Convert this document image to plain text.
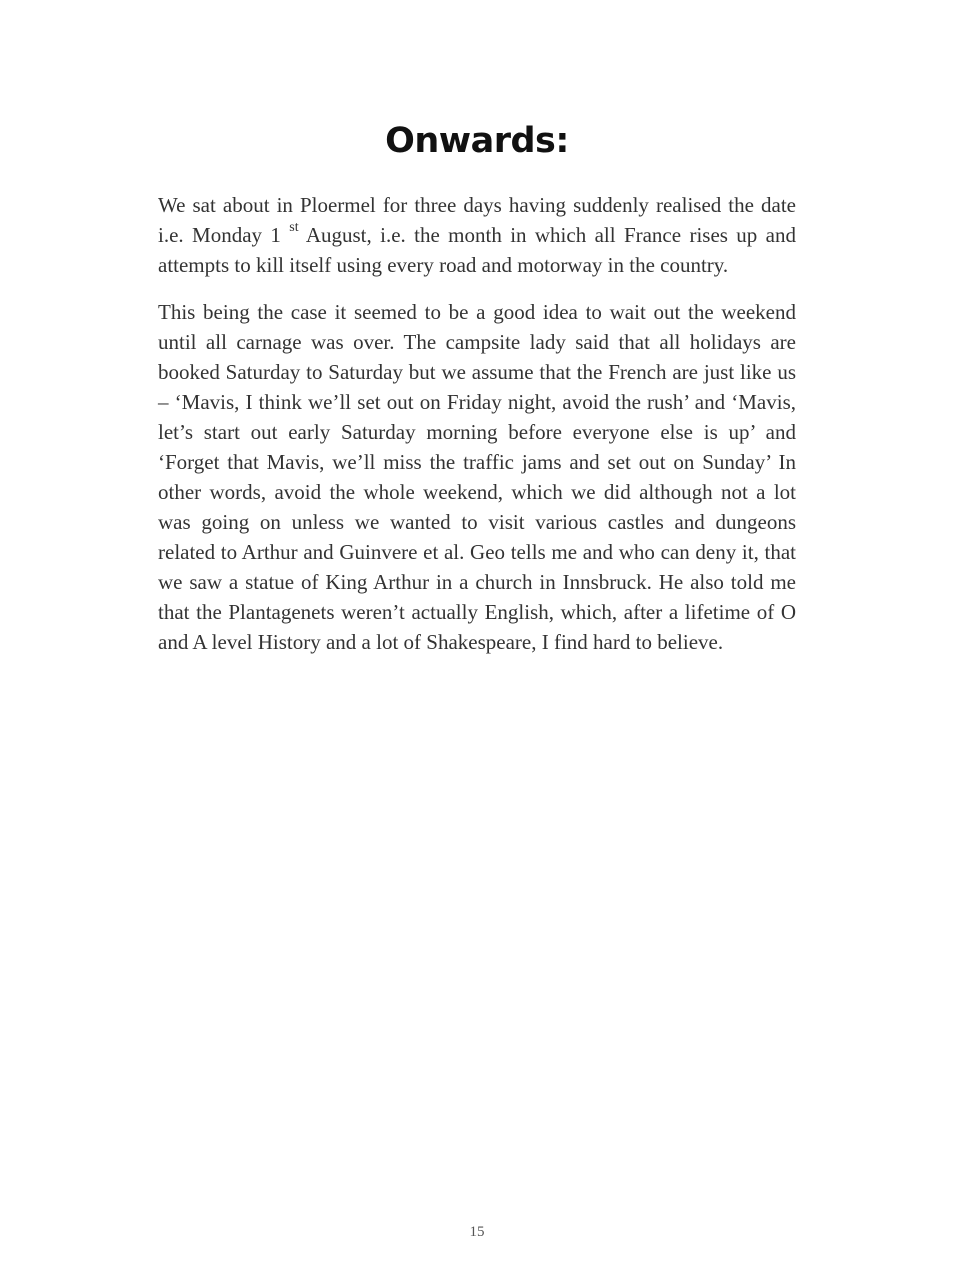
Onwards:

We sat about in Ploermel for three days having suddenly realised the date i.e. Monday 1 $^{st}$ August, i.e. the month in which all France rises up and attempts to kill itself using every road and motorway in the country.

This being the case it seemed to be a good idea to wait out the weekend until all carnage was over. The campsite lady said that all holidays are booked Saturday to Saturday but we assume that the French are just like us – ‘Mavis, I think we’ll set out on Friday night, avoid the rush’ and ‘Mavis, let’s start out early Saturday morning before everyone else is up’ and ‘Forget that Mavis, we’ll miss the traffic jams and set out on Sunday’ In other words, avoid the whole weekend, which we did although not a lot was going on unless we wanted to visit various castles and dungeons related to Arthur and Guinvere et al. Geo tells me and who can deny it, that we saw a statue of King Arthur in a church in Innsbruck. He also told me that the Plantagenets weren’t actually English, which, after a lifetime of O and A level History and a lot of Shakespeare, I find hard to believe.

15
